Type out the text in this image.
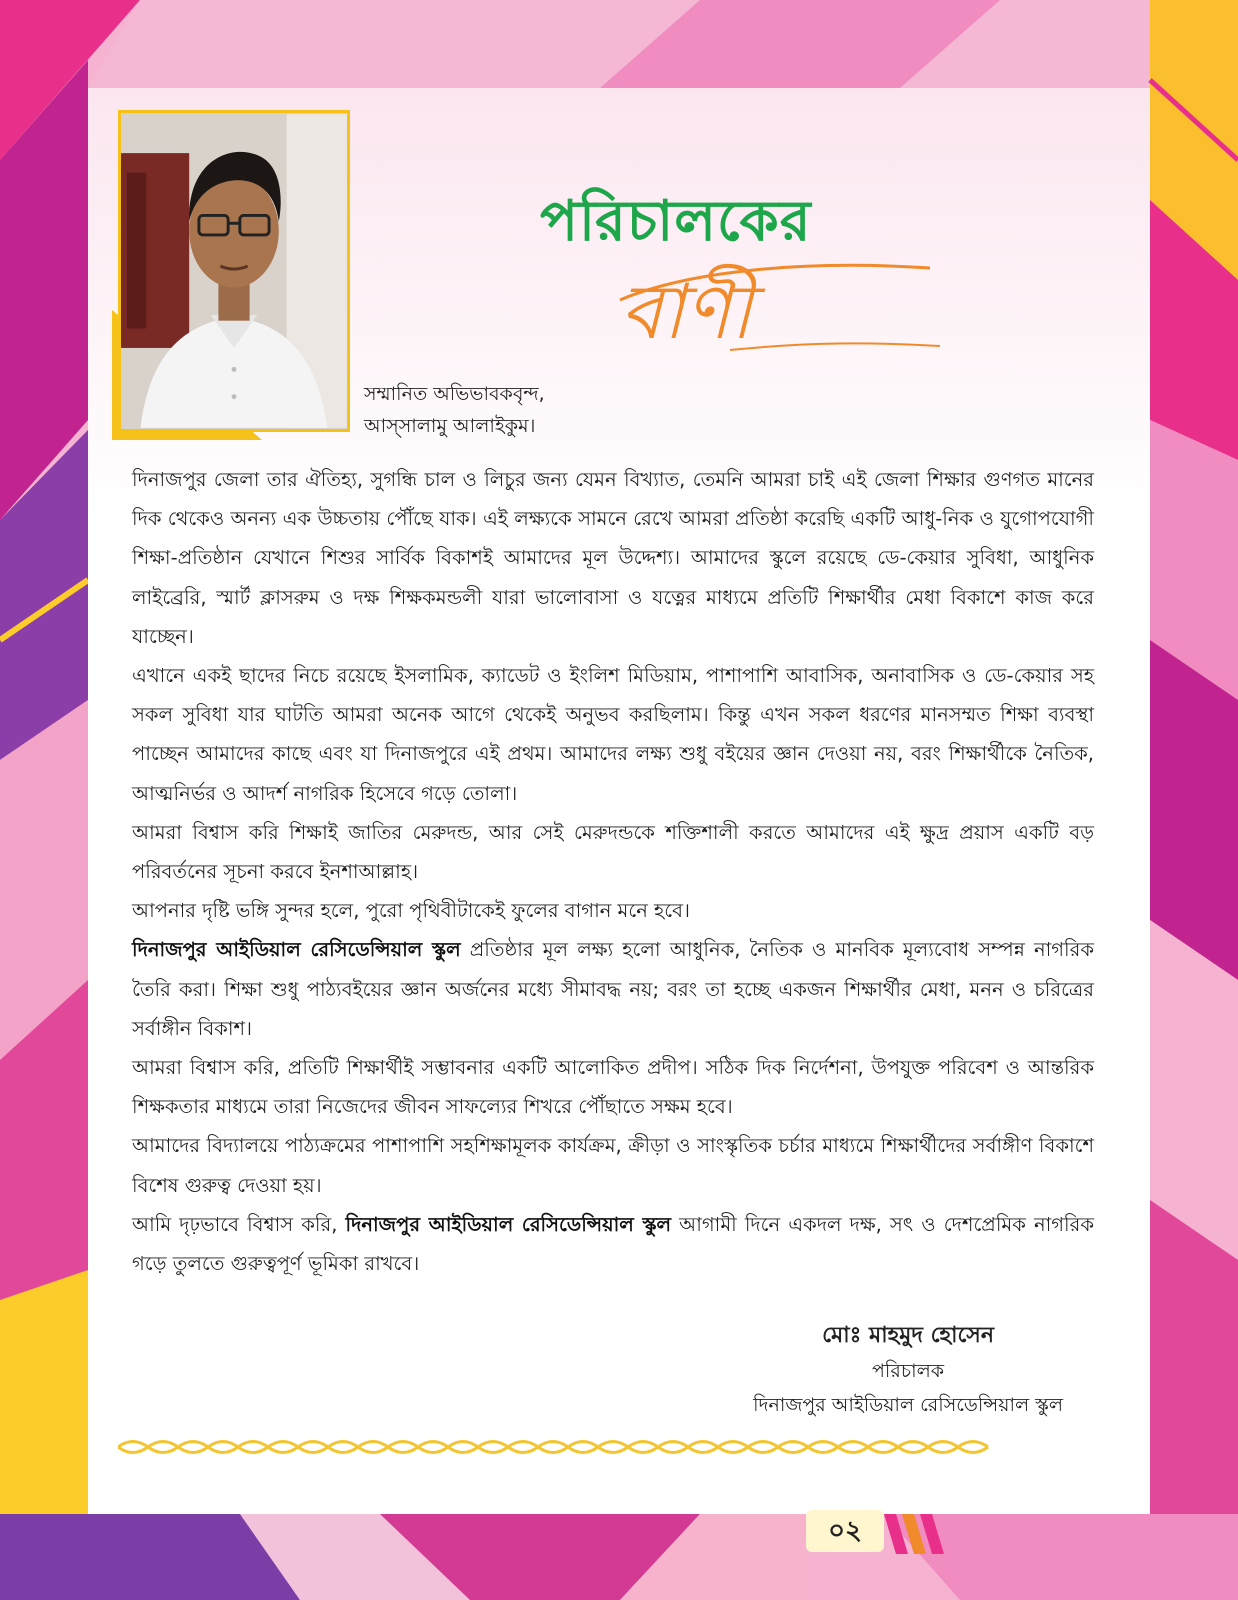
পরিচালকের
বাণী
সম্মানিত অভিভাবকবৃন্দ,
আস্‌সালামু আলাইকুম।

দিনাজপুর জেলা তার ঐতিহ্য, সুগন্ধি চাল ও লিচুর জন্য যেমন বিখ্যাত, তেমনি আমরা চাই এই জেলা শিক্ষার গুণগত মানের দিক থেকেও অনন্য এক উচ্চতায় পৌঁছে যাক। এই লক্ষ্যকে সামনে রেখে আমরা প্রতিষ্ঠা করেছি একটি আধু-নিক ও যুগোপযোগী শিক্ষা-প্রতিষ্ঠান যেখানে শিশুর সার্বিক বিকাশই আমাদের মূল উদ্দেশ্য। আমাদের স্কুলে রয়েছে ডে-কেয়ার সুবিধা, আধুনিক লাইব্রেরি, স্মার্ট ক্লাসরুম ও দক্ষ শিক্ষকমন্ডলী যারা ভালোবাসা ও যত্নের মাধ্যমে প্রতিটি শিক্ষার্থীর মেধা বিকাশে কাজ করে যাচ্ছেন।

এখানে একই ছাদের নিচে রয়েছে ইসলামিক, ক্যাডেট ও ইংলিশ মিডিয়াম, পাশাপাশি আবাসিক, অনাবাসিক ও ডে-কেয়ার সহ সকল সুবিধা যার ঘাটতি আমরা অনেক আগে থেকেই অনুভব করছিলাম। কিন্তু এখন সকল ধরণের মানসম্মত শিক্ষা ব্যবস্থা পাচ্ছেন আমাদের কাছে এবং যা দিনাজপুরে এই প্রথম। আমাদের লক্ষ্য শুধু বইয়ের জ্ঞান দেওয়া নয়, বরং শিক্ষার্থীকে নৈতিক, আত্মনির্ভর ও আদর্শ নাগরিক হিসেবে গড়ে তোলা।

আমরা বিশ্বাস করি শিক্ষাই জাতির মেরুদন্ড, আর সেই মেরুদন্ডকে শক্তিশালী করতে আমাদের এই ক্ষুদ্র প্রয়াস একটি বড় পরিবর্তনের সূচনা করবে ইনশাআল্লাহ।

আপনার দৃষ্টি ভঙ্গি সুন্দর হলে, পুরো পৃথিবীটাকেই ফুলের বাগান মনে হবে।

দিনাজপুর আইডিয়াল রেসিডেন্সিয়াল স্কুল প্রতিষ্ঠার মূল লক্ষ্য হলো আধুনিক, নৈতিক ও মানবিক মূল্যবোধ সম্পন্ন নাগরিক তৈরি করা। শিক্ষা শুধু পাঠ্যবইয়ের জ্ঞান অর্জনের মধ্যে সীমাবদ্ধ নয়; বরং তা হচ্ছে একজন শিক্ষার্থীর মেধা, মনন ও চরিত্রের সর্বাঙ্গীন বিকাশ।

আমরা বিশ্বাস করি, প্রতিটি শিক্ষার্থীই সম্ভাবনার একটি আলোকিত প্রদীপ। সঠিক দিক নির্দেশনা, উপযুক্ত পরিবেশ ও আন্তরিক শিক্ষকতার মাধ্যমে তারা নিজেদের জীবন সাফল্যের শিখরে পৌঁছাতে সক্ষম হবে।

আমাদের বিদ্যালয়ে পাঠ্যক্রমের পাশাপাশি সহশিক্ষামূলক কার্যক্রম, ক্রীড়া ও সাংস্কৃতিক চর্চার মাধ্যমে শিক্ষার্থীদের সর্বাঙ্গীণ বিকাশে বিশেষ গুরুত্ব দেওয়া হয়।

আমি দৃঢ়ভাবে বিশ্বাস করি, দিনাজপুর আইডিয়াল রেসিডেন্সিয়াল স্কুল আগামী দিনে একদল দক্ষ, সৎ ও দেশপ্রেমিক নাগরিক গড়ে তুলতে গুরুত্বপূর্ণ ভূমিকা রাখবে।

মোঃ মাহমুদ হোসেন
পরিচালক
দিনাজপুর আইডিয়াল রেসিডেন্সিয়াল স্কুল
০২
